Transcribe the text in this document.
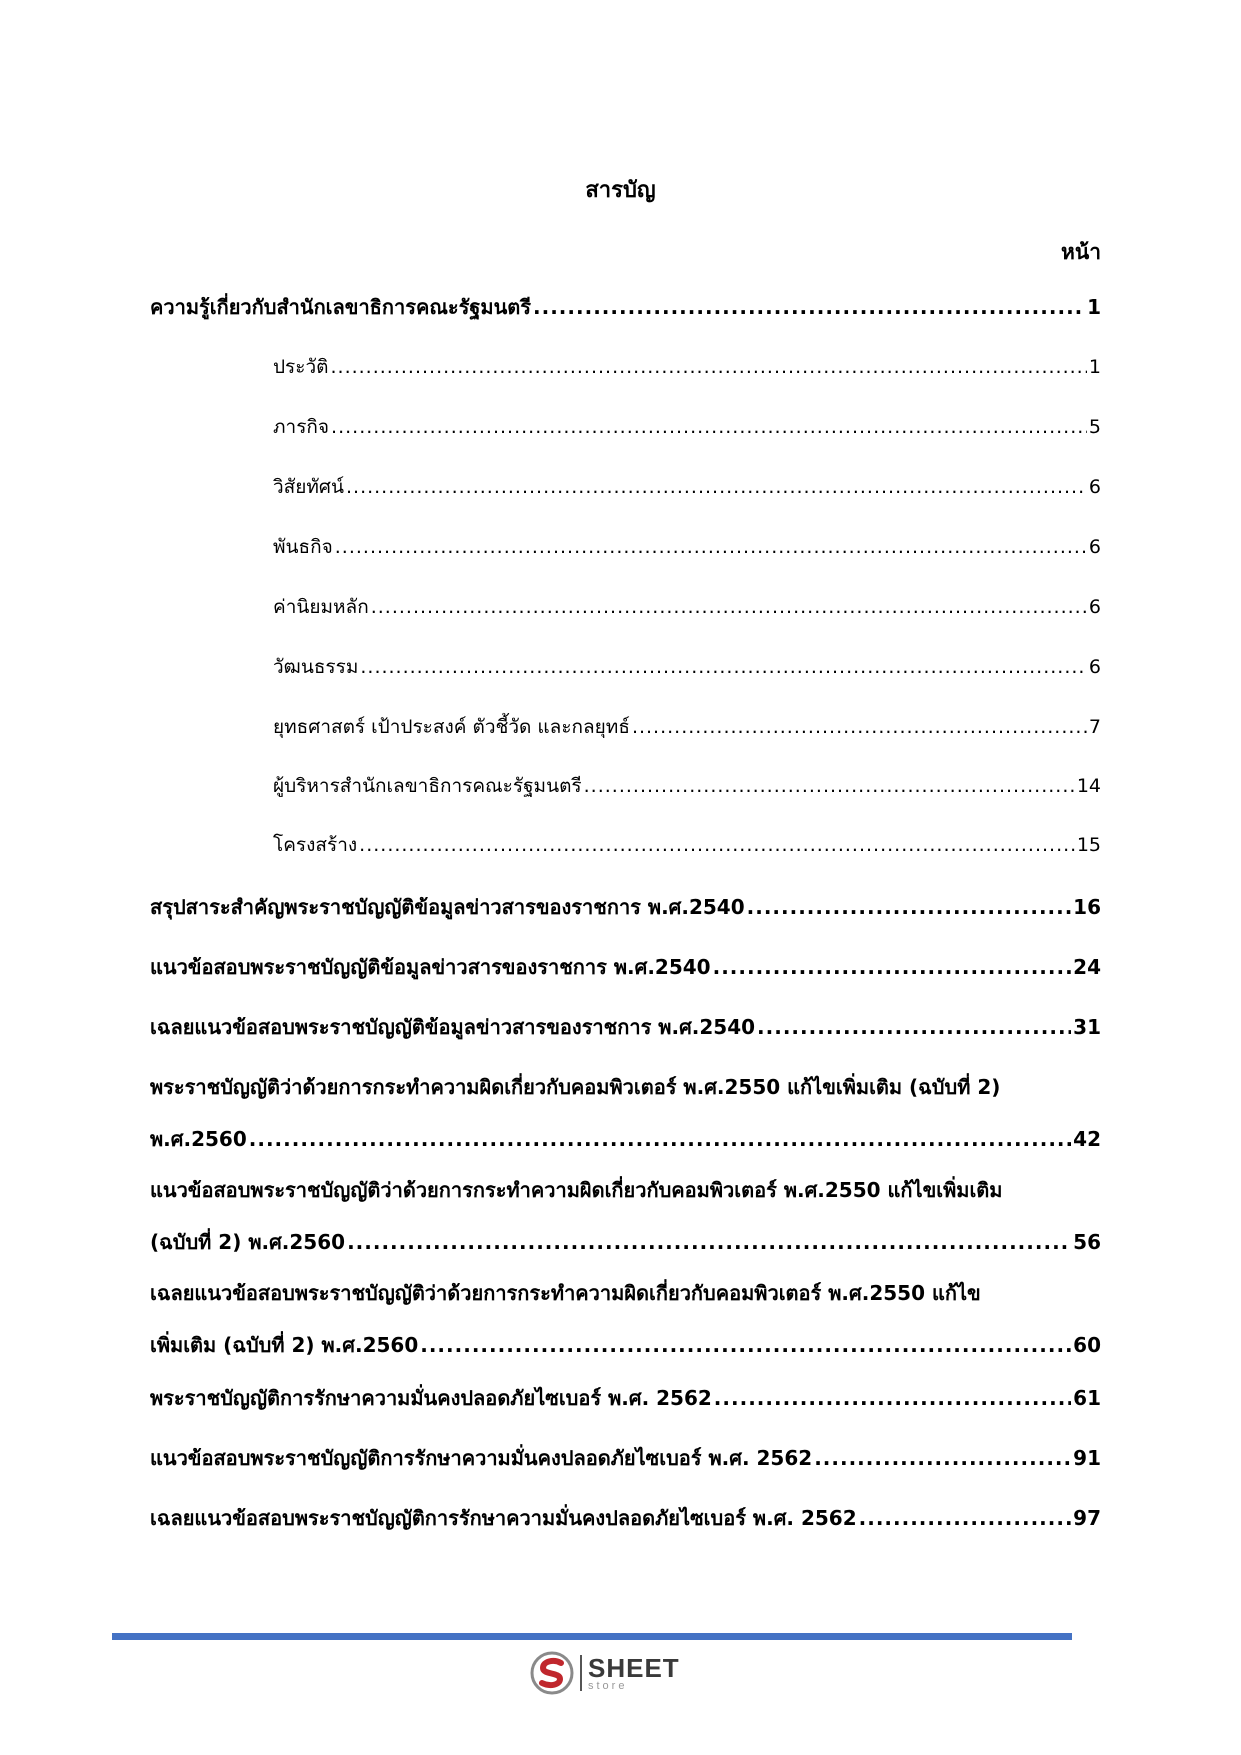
สารบัญ
หน้า
ความรู้เกี่ยวกับสำนักเลขาธิการคณะรัฐมนตรี .....	1
ประวัติ .....	1
ภารกิจ .....	5
วิสัยทัศน์ .....	6
พันธกิจ .....	6
ค่านิยมหลัก .....	6
วัฒนธรรม .....	6
ยุทธศาสตร์ เป้าประสงค์ ตัวชี้วัด และกลยุทธ์ .....	7
ผู้บริหารสำนักเลขาธิการคณะรัฐมนตรี .....	14
โครงสร้าง .....	15
สรุปสาระสำคัญพระราชบัญญัติข้อมูลข่าวสารของราชการ พ.ศ.2540 .....	16
แนวข้อสอบพระราชบัญญัติข้อมูลข่าวสารของราชการ พ.ศ.2540 .....	24
เฉลยแนวข้อสอบพระราชบัญญัติข้อมูลข่าวสารของราชการ พ.ศ.2540 .....	31
พระราชบัญญัติว่าด้วยการกระทำความผิดเกี่ยวกับคอมพิวเตอร์ พ.ศ.2550 แก้ไขเพิ่มเติม (ฉบับที่ 2)
พ.ศ.2560 .....	42
แนวข้อสอบพระราชบัญญัติว่าด้วยการกระทำความผิดเกี่ยวกับคอมพิวเตอร์ พ.ศ.2550 แก้ไขเพิ่มเติม
(ฉบับที่ 2) พ.ศ.2560 .....	56
เฉลยแนวข้อสอบพระราชบัญญัติว่าด้วยการกระทำความผิดเกี่ยวกับคอมพิวเตอร์ พ.ศ.2550 แก้ไข
เพิ่มเติม (ฉบับที่ 2) พ.ศ.2560 .....	60
พระราชบัญญัติการรักษาความมั่นคงปลอดภัยไซเบอร์ พ.ศ. 2562 .....	61
แนวข้อสอบพระราชบัญญัติการรักษาความมั่นคงปลอดภัยไซเบอร์ พ.ศ. 2562 .....	91
เฉลยแนวข้อสอบพระราชบัญญัติการรักษาความมั่นคงปลอดภัยไซเบอร์ พ.ศ. 2562 .....	97
SHEET
store
